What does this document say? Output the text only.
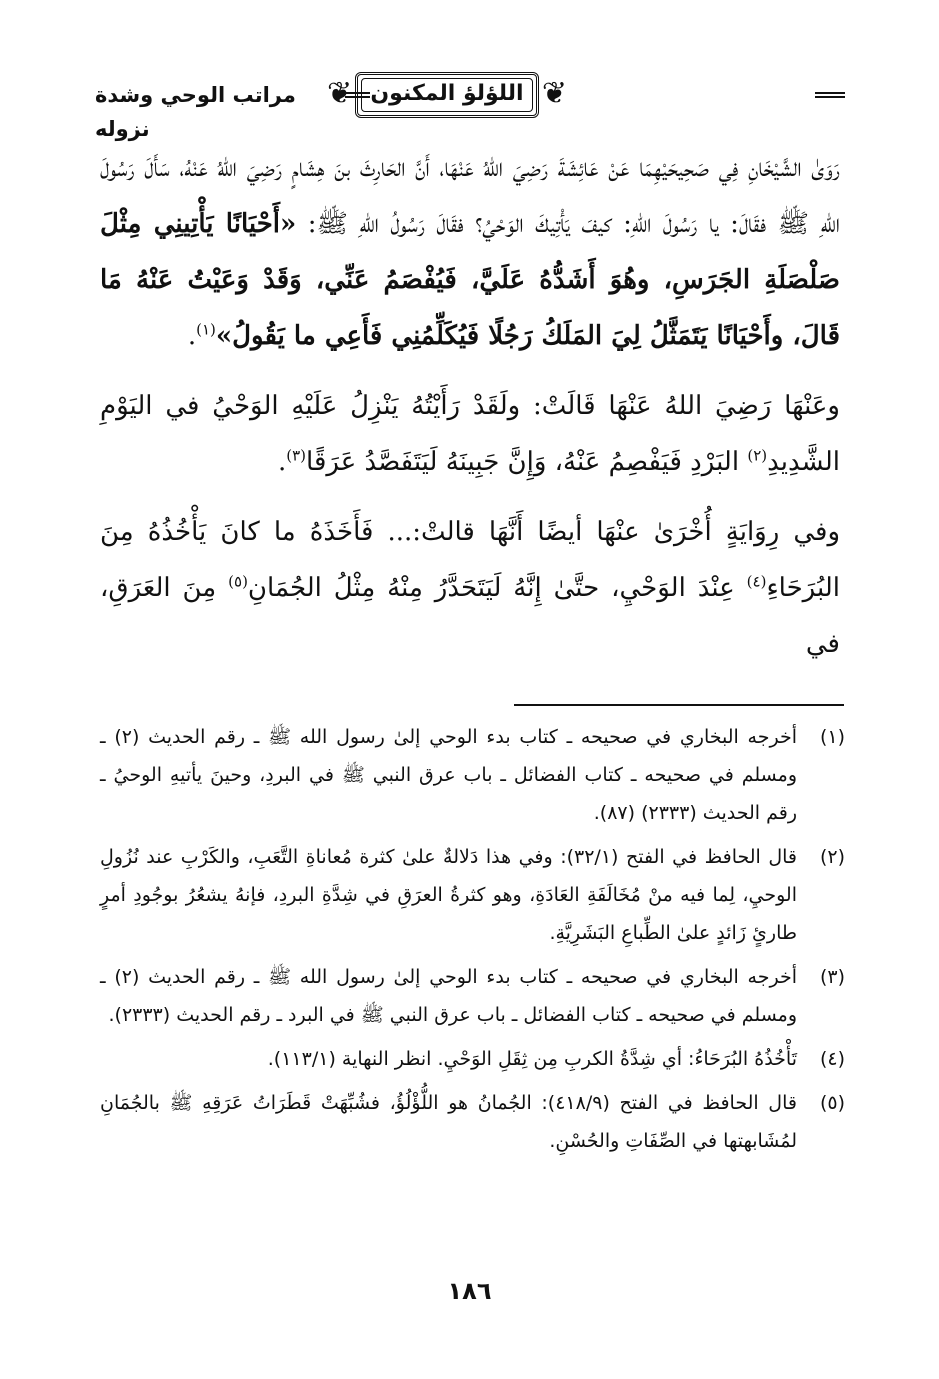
❦ اللؤلؤ المكنون ❦
مراتب الوحي وشدة نزوله

رَوَىٰ الشَّيْخَانِ فِي صَحِيحَيْهِمَا عَنْ عَائِشَةَ رَضِيَ اللهُ عَنْهَا، أَنَّ الحَارِثَ بنَ هِشَامٍ رَضِيَ اللهُ عَنْهُ، سَأَلَ رَسُولَ اللهِ ﷺ فقَالَ: يا رَسُولَ اللهِ: كيفَ يَأْتِيكَ الوَحْيُ؟ فقَالَ رَسُولُ اللهِ ﷺ: «أَحْيَانًا يَأْتِينِي مِثْلَ صَلْصَلَةِ الجَرَسِ، وهُوَ أَشَدُّهُ عَلَيَّ، فَيُفْصَمُ عَنِّي، وَقَدْ وَعَيْتُ عَنْهُ مَا قَالَ، وأَحْيَانًا يَتَمَثَّلُ لِيَ المَلَكُ رَجُلًا فَيُكَلِّمُنِي فَأَعِي ما يَقُولُ»$^{(١)}$.

وعَنْهَا رَضِيَ اللهُ عَنْهَا قَالَتْ: ولَقَدْ رَأَيْتُهُ يَنْزِلُ عَلَيْهِ الوَحْيُ في اليَوْمِ الشَّدِيدِ$^{(٢)}$ البَرْدِ فَيَفْصِمُ عَنْهُ، وَإِنَّ جَبِينَهُ لَيَتَفَصَّدُ عَرَقًا$^{(٣)}$.

وفي رِوَايَةٍ أُخْرَىٰ عنْهَا أيضًا أَنَّهَا قالتْ:... فَأَخَذَهُ ما كانَ يَأْخُذُهُ مِنَ البُرَحَاءِ$^{(٤)}$ عِنْدَ الوَحْيِ، حتَّىٰ إِنَّهُ لَيَتَحَدَّرُ مِنْهُ مِثْلُ الجُمَانِ$^{(٥)}$ مِنَ العَرَقِ، في

(١)
أخرجه البخاري في صحيحه ـ كتاب بدء الوحي إلىٰ رسول الله ﷺ ـ رقم الحديث (٢) ـ ومسلم في صحيحه ـ كتاب الفضائل ـ باب عرق النبي ﷺ في البردِ، وحينَ يأتيهِ الوحيُ ـ رقم الحديث (٢٣٣٣) (٨٧).
(٢)
قال الحافظ في الفتح (٣٢/١): وفي هذا دَلالةٌ علىٰ كثرة مُعاناةِ التَّعَبِ، والكَرْبِ عند نُزُولِ الوحيِ، لِما فيه منْ مُخَالَفَةِ العَادَةِ، وهو كثرةُ العرَقِ في شِدَّةِ البردِ، فإنهُ يشعُرُ بوجُودِ أمرٍ طارئٍ زَائدٍ علىٰ الطِّباعِ البَشَرِيَّةِ.
(٣)
أخرجه البخاري في صحيحه ـ كتاب بدء الوحي إلىٰ رسول الله ﷺ ـ رقم الحديث (٢) ـ ومسلم في صحيحه ـ كتاب الفضائل ـ باب عرق النبي ﷺ في البرد ـ رقم الحديث (٢٣٣٣).
(٤)
تَأْخُذُهُ البُرَحَاءُ: أي شِدَّةُ الكربِ مِن ثِقَلِ الوَحْيِ. انظر النهاية (١١٣/١).
(٥)
قال الحافظ في الفتح (٤١٨/٩): الجُمانُ هو اللُّؤْلُؤُ، فشُبِّهَتْ قَطَرَاتُ عَرَقِهِ ﷺ بالجُمَانِ لمُشَابهتها في الصِّفَاتِ والحُسْنِ.
١٨٦
